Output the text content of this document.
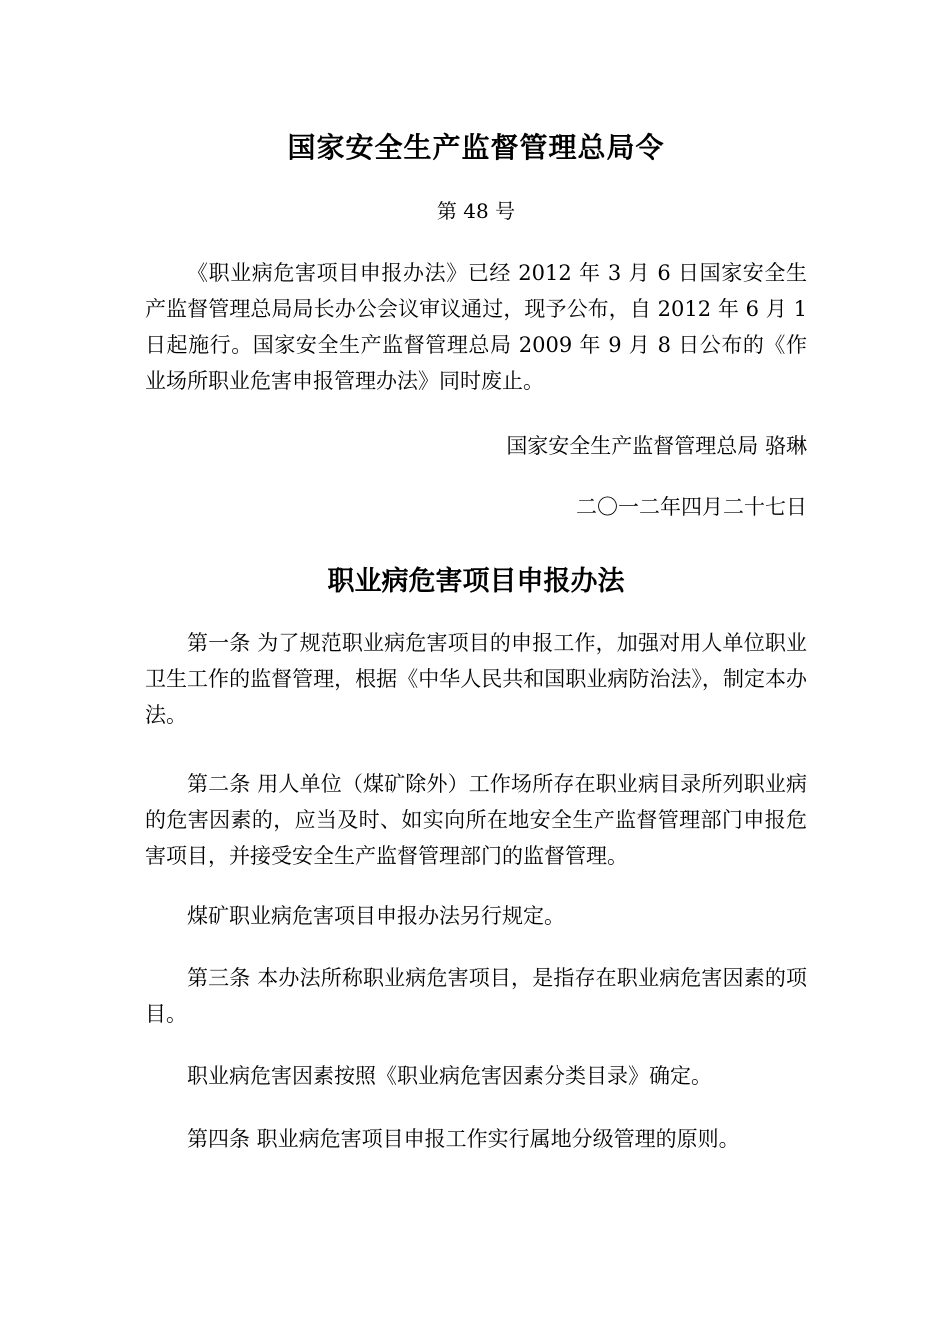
国家安全生产监督管理总局令
第 48 号

《职业病危害项目申报办法》已经 2012 年 3 月 6 日国家安全生产监督管理总局局长办公会议审议通过，现予公布，自 2012 年 6 月 1 日起施行。国家安全生产监督管理总局 2009 年 9 月 8 日公布的《作业场所职业危害申报管理办法》同时废止。

国家安全生产监督管理总局 骆琳
二〇一二年四月二十七日
职业病危害项目申报办法

第一条 为了规范职业病危害项目的申报工作，加强对用人单位职业卫生工作的监督管理，根据《中华人民共和国职业病防治法》，制定本办法。

第二条 用人单位（煤矿除外）工作场所存在职业病目录所列职业病的危害因素的，应当及时、如实向所在地安全生产监督管理部门申报危害项目，并接受安全生产监督管理部门的监督管理。

煤矿职业病危害项目申报办法另行规定。

第三条 本办法所称职业病危害项目，是指存在职业病危害因素的项目。

职业病危害因素按照《职业病危害因素分类目录》确定。

第四条 职业病危害项目申报工作实行属地分级管理的原则。
